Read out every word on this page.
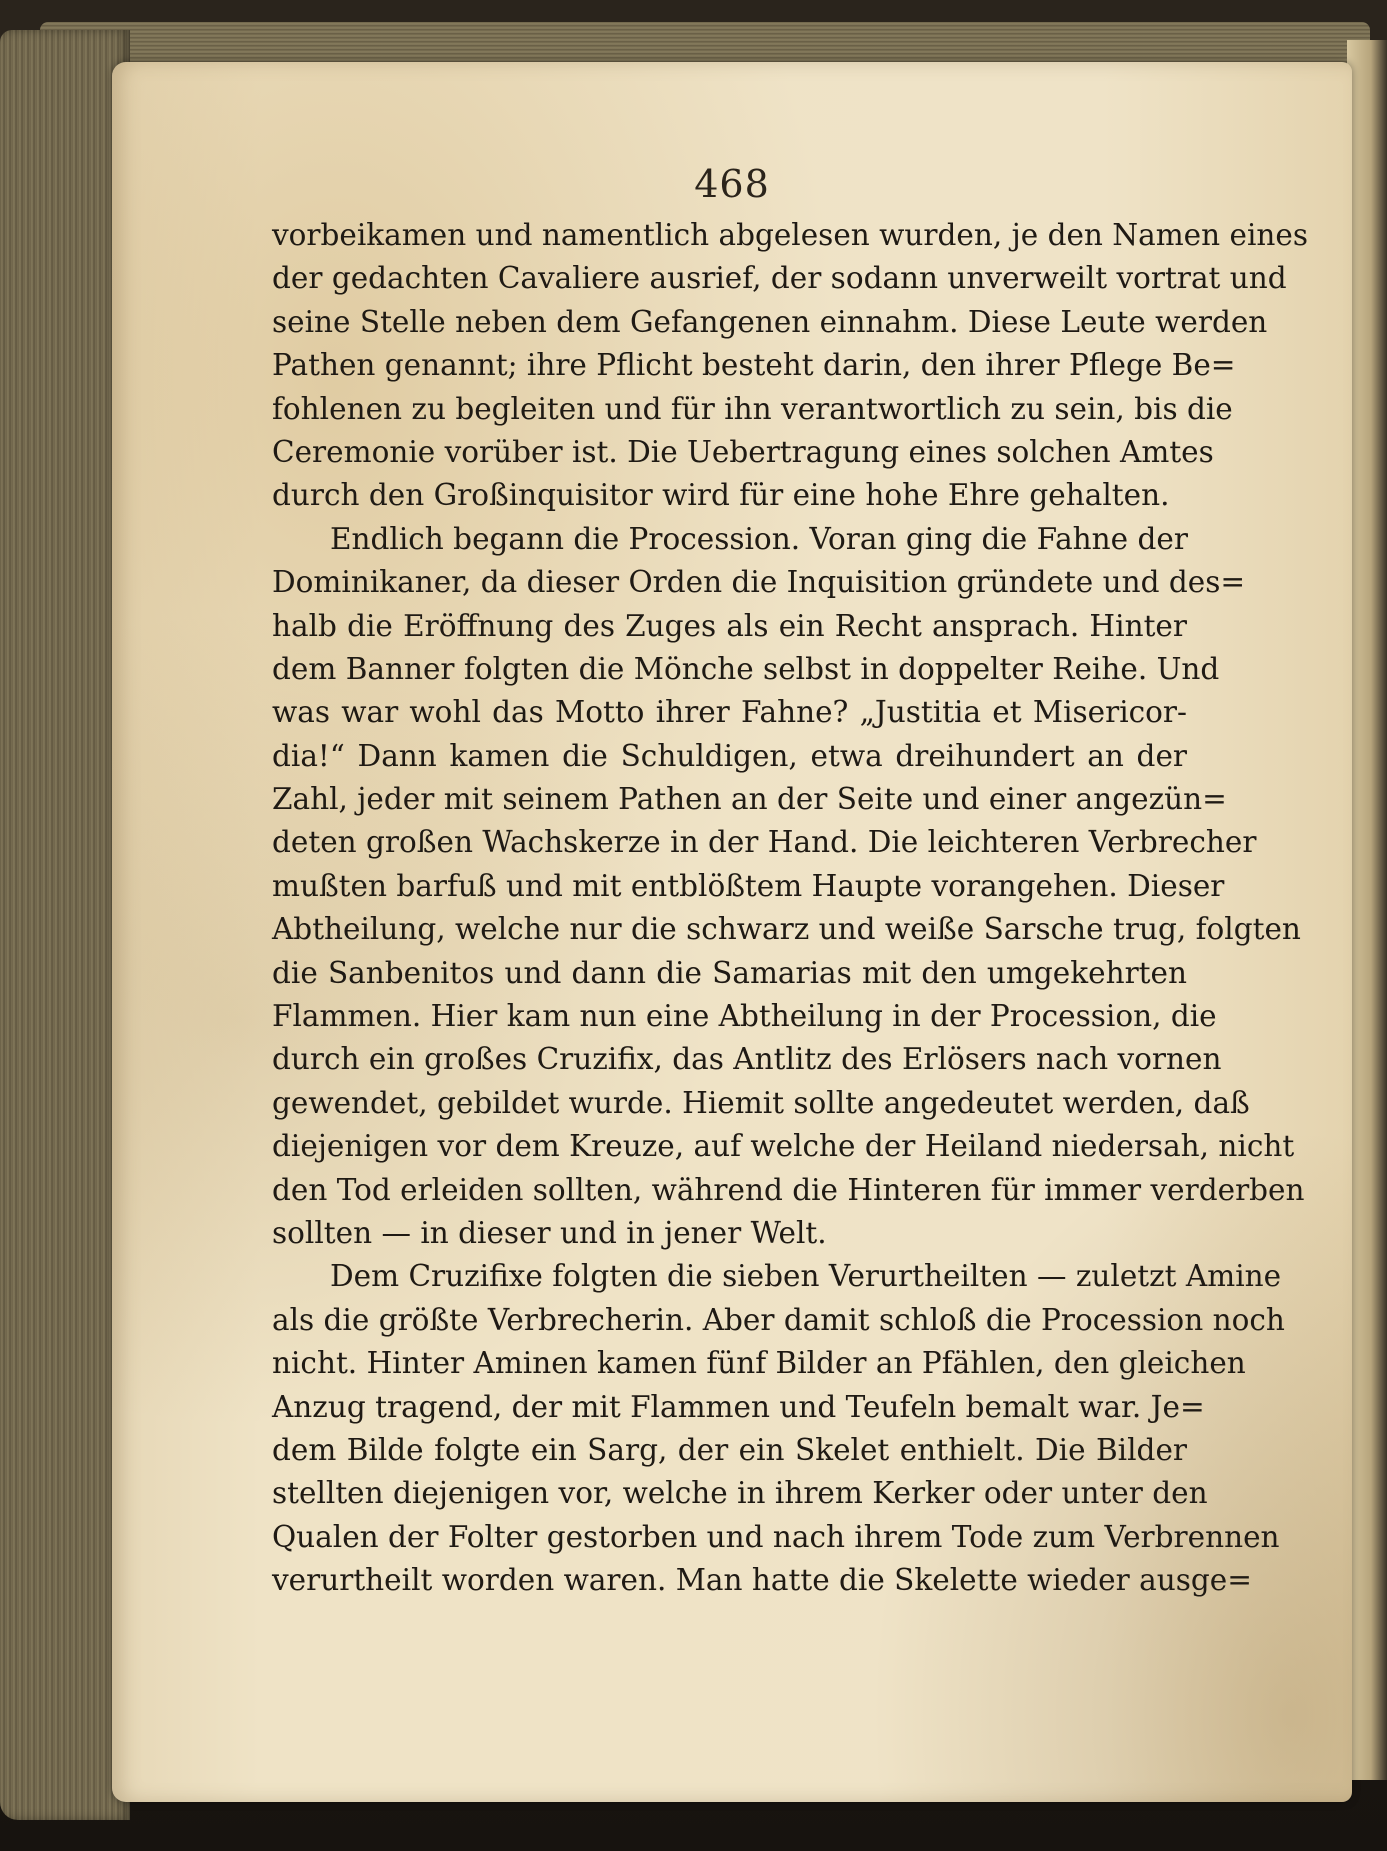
468
vorbeikamen und namentlich abgelesen wurden, je den Namen eines
der gedachten Cavaliere ausrief, der sodann unverweilt vortrat und
seine Stelle neben dem Gefangenen einnahm. Diese Leute werden
Pathen genannt; ihre Pflicht besteht darin, den ihrer Pflege Be=
fohlenen zu begleiten und für ihn verantwortlich zu sein, bis die
Ceremonie vorüber ist. Die Uebertragung eines solchen Amtes
durch den Großinquisitor wird für eine hohe Ehre gehalten.
Endlich begann die Procession. Voran ging die Fahne der
Dominikaner, da dieser Orden die Inquisition gründete und des=
halb die Eröffnung des Zuges als ein Recht ansprach. Hinter
dem Banner folgten die Mönche selbst in doppelter Reihe. Und
was war wohl das Motto ihrer Fahne? „Justitia et Misericor-
dia!“ Dann kamen die Schuldigen, etwa dreihundert an der
Zahl, jeder mit seinem Pathen an der Seite und einer angezün=
deten großen Wachskerze in der Hand. Die leichteren Verbrecher
mußten barfuß und mit entblößtem Haupte vorangehen. Dieser
Abtheilung, welche nur die schwarz und weiße Sarsche trug, folgten
die Sanbenitos und dann die Samarias mit den umgekehrten
Flammen. Hier kam nun eine Abtheilung in der Procession, die
durch ein großes Cruzifix, das Antlitz des Erlösers nach vornen
gewendet, gebildet wurde. Hiemit sollte angedeutet werden, daß
diejenigen vor dem Kreuze, auf welche der Heiland niedersah, nicht
den Tod erleiden sollten, während die Hinteren für immer verderben
sollten — in dieser und in jener Welt.
Dem Cruzifixe folgten die sieben Verurtheilten — zuletzt Amine
als die größte Verbrecherin. Aber damit schloß die Procession noch
nicht. Hinter Aminen kamen fünf Bilder an Pfählen, den gleichen
Anzug tragend, der mit Flammen und Teufeln bemalt war. Je=
dem Bilde folgte ein Sarg, der ein Skelet enthielt. Die Bilder
stellten diejenigen vor, welche in ihrem Kerker oder unter den
Qualen der Folter gestorben und nach ihrem Tode zum Verbrennen
verurtheilt worden waren. Man hatte die Skelette wieder ausge=
